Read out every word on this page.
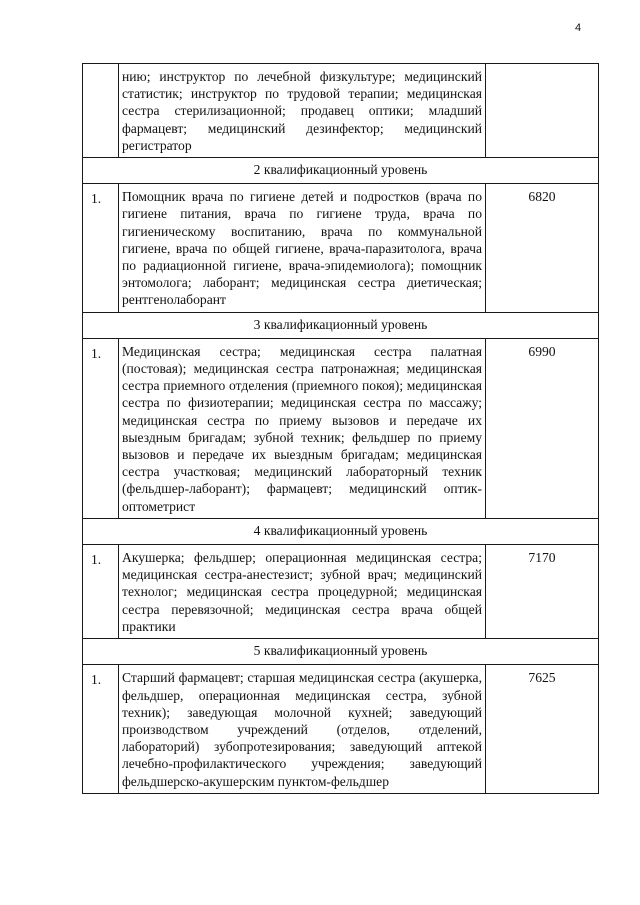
4
	нию; инструктор по лечебной физкультуре; медицинский статистик; инструктор по трудовой терапии; медицинская сестра стерилизационной; продавец оптики; младший фармацевт; медицинский дезинфектор; медицинский регистратор	
2 квалификационный уровень		
1.	Помощник врача по гигиене детей и подростков (врача по гигиене питания, врача по гигиене труда, врача по гигиеническому воспитанию, врача по коммунальной гигиене, врача по общей гигиене, врача-паразитолога, врача по радиационной гигиене, врача-эпидемиолога); помощник энтомолога; лаборант; медицинская сестра диетическая; рентгенолаборант	6820
3 квалификационный уровень		
1.	Медицинская сестра; медицинская сестра палатная (постовая); медицинская сестра патронажная; медицинская сестра приемного отделения (приемного покоя); медицинская сестра по физиотерапии; медицинская сестра по массажу; медицинская сестра по приему вызовов и передаче их выездным бригадам; зубной техник; фельдшер по приему вызовов и передаче их выездным бригадам; медицинская сестра участковая; медицинский лабораторный техник (фельдшер-лаборант); фармацевт; медицинский оптик-оптометрист	6990
4 квалификационный уровень		
1.	Акушерка; фельдшер; операционная медицинская сестра; медицинская сестра-анестезист; зубной врач; медицинский технолог; медицинская сестра процедурной; медицинская сестра перевязочной; медицинская сестра врача общей практики	7170
5 квалификационный уровень		
1.	Старший фармацевт; старшая медицинская сестра (акушерка, фельдшер, операционная медицинская сестра, зубной техник); заведующая молочной кухней; заведующий производством учреждений (отделов, отделений, лабораторий) зубопротезирования; заведующий аптекой лечебно-профилактического учреждения; заведующий фельдшерско-акушерским пунктом-фельдшер	7625
